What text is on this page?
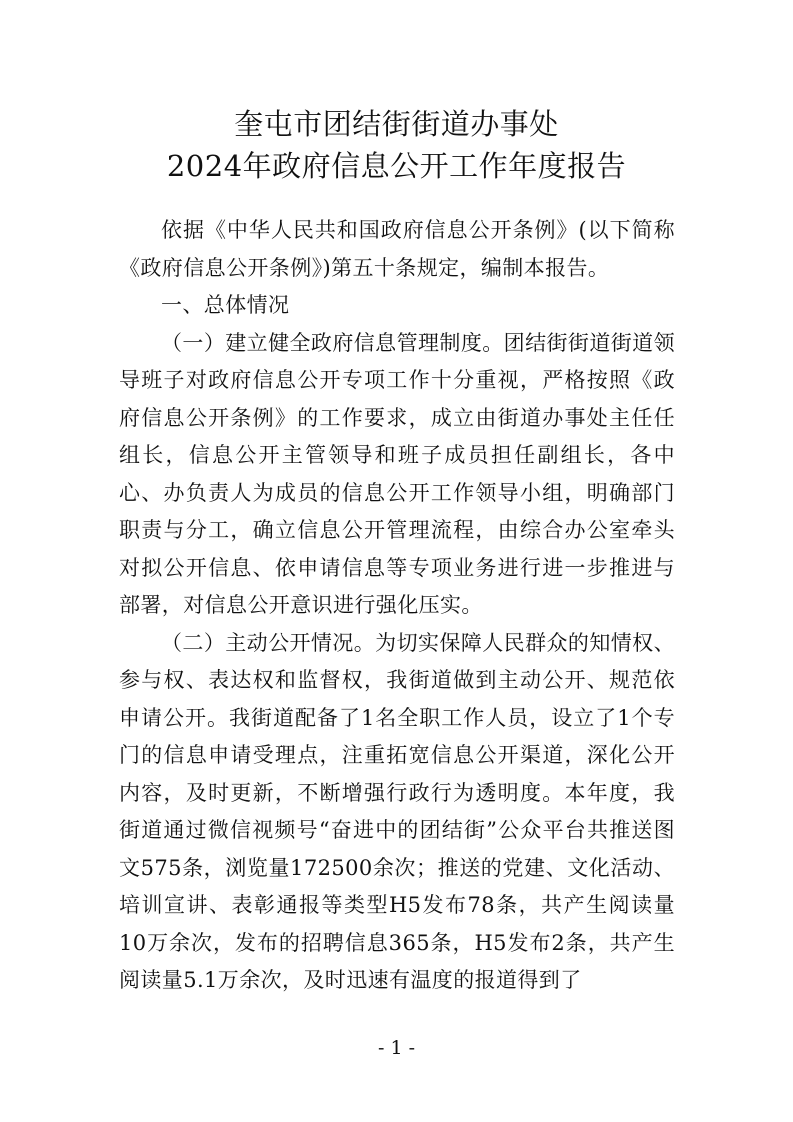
奎屯市团结街街道办事处
2024年政府信息公开工作年度报告

依据《中华人民共和国政府信息公开条例》(以下简称《政府信息公开条例》)第五十条规定，编制本报告。

一、总体情况

（一）建立健全政府信息管理制度。团结街街道街道领导班子对政府信息公开专项工作十分重视，严格按照《政府信息公开条例》的工作要求，成立由街道办事处主任任组长，信息公开主管领导和班子成员担任副组长，各中心、办负责人为成员的信息公开工作领导小组，明确部门职责与分工，确立信息公开管理流程，由综合办公室牵头对拟公开信息、依申请信息等专项业务进行进一步推进与部署，对信息公开意识进行强化压实。

（二）主动公开情况。为切实保障人民群众的知情权、参与权、表达权和监督权，我街道做到主动公开、规范依申请公开。我街道配备了1名全职工作人员，设立了1个专门的信息申请受理点，注重拓宽信息公开渠道，深化公开内容，及时更新，不断增强行政行为透明度。本年度，我街道通过微信视频号“奋进中的团结街”公众平台共推送图文575条，浏览量172500余次；推送的党建、文化活动、培训宣讲、表彰通报等类型H5发布78条，共产生阅读量10万余次，发布的招聘信息365条，H5发布2条，共产生阅读量5.1万余次，及时迅速有温度的报道得到了

- 1 -
